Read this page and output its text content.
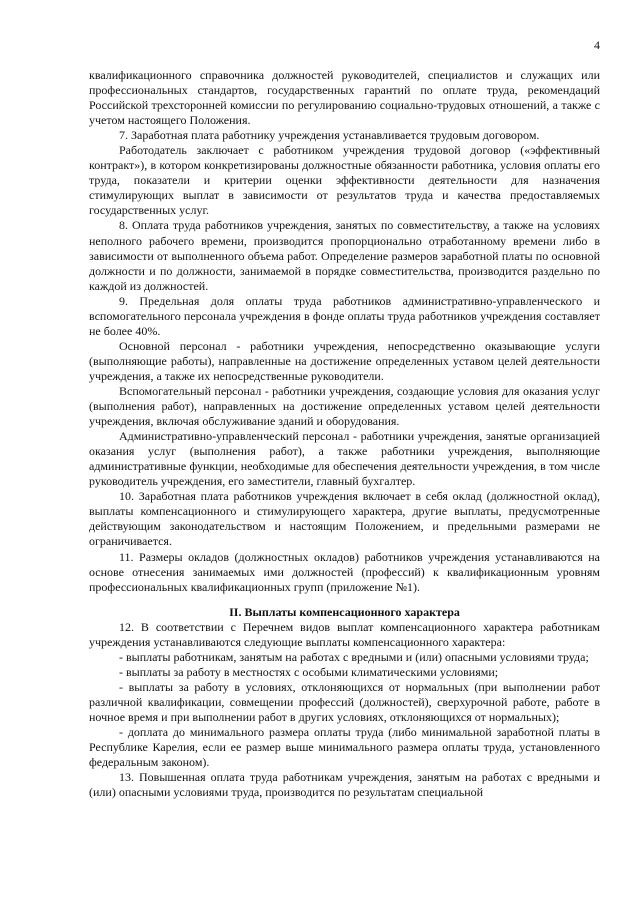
4

квалификационного справочника должностей руководителей, специалистов и служащих или профессиональных стандартов, государственных гарантий по оплате труда, рекомендаций Российской трехсторонней комиссии по регулированию социально-трудовых отношений, а также с учетом настоящего Положения.

7. Заработная плата работнику учреждения устанавливается трудовым договором.

Работодатель заключает с работником учреждения трудовой договор («эффективный контракт»), в котором конкретизированы должностные обязанности работника, условия оплаты его труда, показатели и критерии оценки эффективности деятельности для назначения стимулирующих выплат в зависимости от результатов труда и качества предоставляемых государственных услуг.

8. Оплата труда работников учреждения, занятых по совместительству, а также на условиях неполного рабочего времени, производится пропорционально отработанному времени либо в зависимости от выполненного объема работ. Определение размеров заработной платы по основной должности и по должности, занимаемой в порядке совместительства, производится раздельно по каждой из должностей.

9. Предельная доля оплаты труда работников административно-управленческого и вспомогательного персонала учреждения в фонде оплаты труда работников учреждения составляет не более 40%.

Основной персонал - работники учреждения, непосредственно оказывающие услуги (выполняющие работы), направленные на достижение определенных уставом целей деятельности учреждения, а также их непосредственные руководители.

Вспомогательный персонал - работники учреждения, создающие условия для оказания услуг (выполнения работ), направленных на достижение определенных уставом целей деятельности учреждения, включая обслуживание зданий и оборудования.

Административно-управленческий персонал - работники учреждения, занятые организацией оказания услуг (выполнения работ), а также работники учреждения, выполняющие административные функции, необходимые для обеспечения деятельности учреждения, в том числе руководитель учреждения, его заместители, главный бухгалтер.

10. Заработная плата работников учреждения включает в себя оклад (должностной оклад), выплаты компенсационного и стимулирующего характера, другие выплаты, предусмотренные действующим законодательством и настоящим Положением, и предельными размерами не ограничивается.

11. Размеры окладов (должностных окладов) работников учреждения устанавливаются на основе отнесения занимаемых ими должностей (профессий) к квалификационным уровням профессиональных квалификационных групп (приложение №1).

II. Выплаты компенсационного характера

12. В соответствии с Перечнем видов выплат компенсационного характера работникам учреждения устанавливаются следующие выплаты компенсационного характера:

- выплаты работникам, занятым на работах с вредными и (или) опасными условиями труда;

- выплаты за работу в местностях с особыми климатическими условиями;

- выплаты за работу в условиях, отклоняющихся от нормальных (при выполнении работ различной квалификации, совмещении профессий (должностей), сверхурочной работе, работе в ночное время и при выполнении работ в других условиях, отклоняющихся от нормальных);

- доплата до минимального размера оплаты труда (либо минимальной заработной платы в Республике Карелия, если ее размер выше минимального размера оплаты труда, установленного федеральным законом).

13. Повышенная оплата труда работникам учреждения, занятым на работах с вредными и (или) опасными условиями труда, производится по результатам специальной
